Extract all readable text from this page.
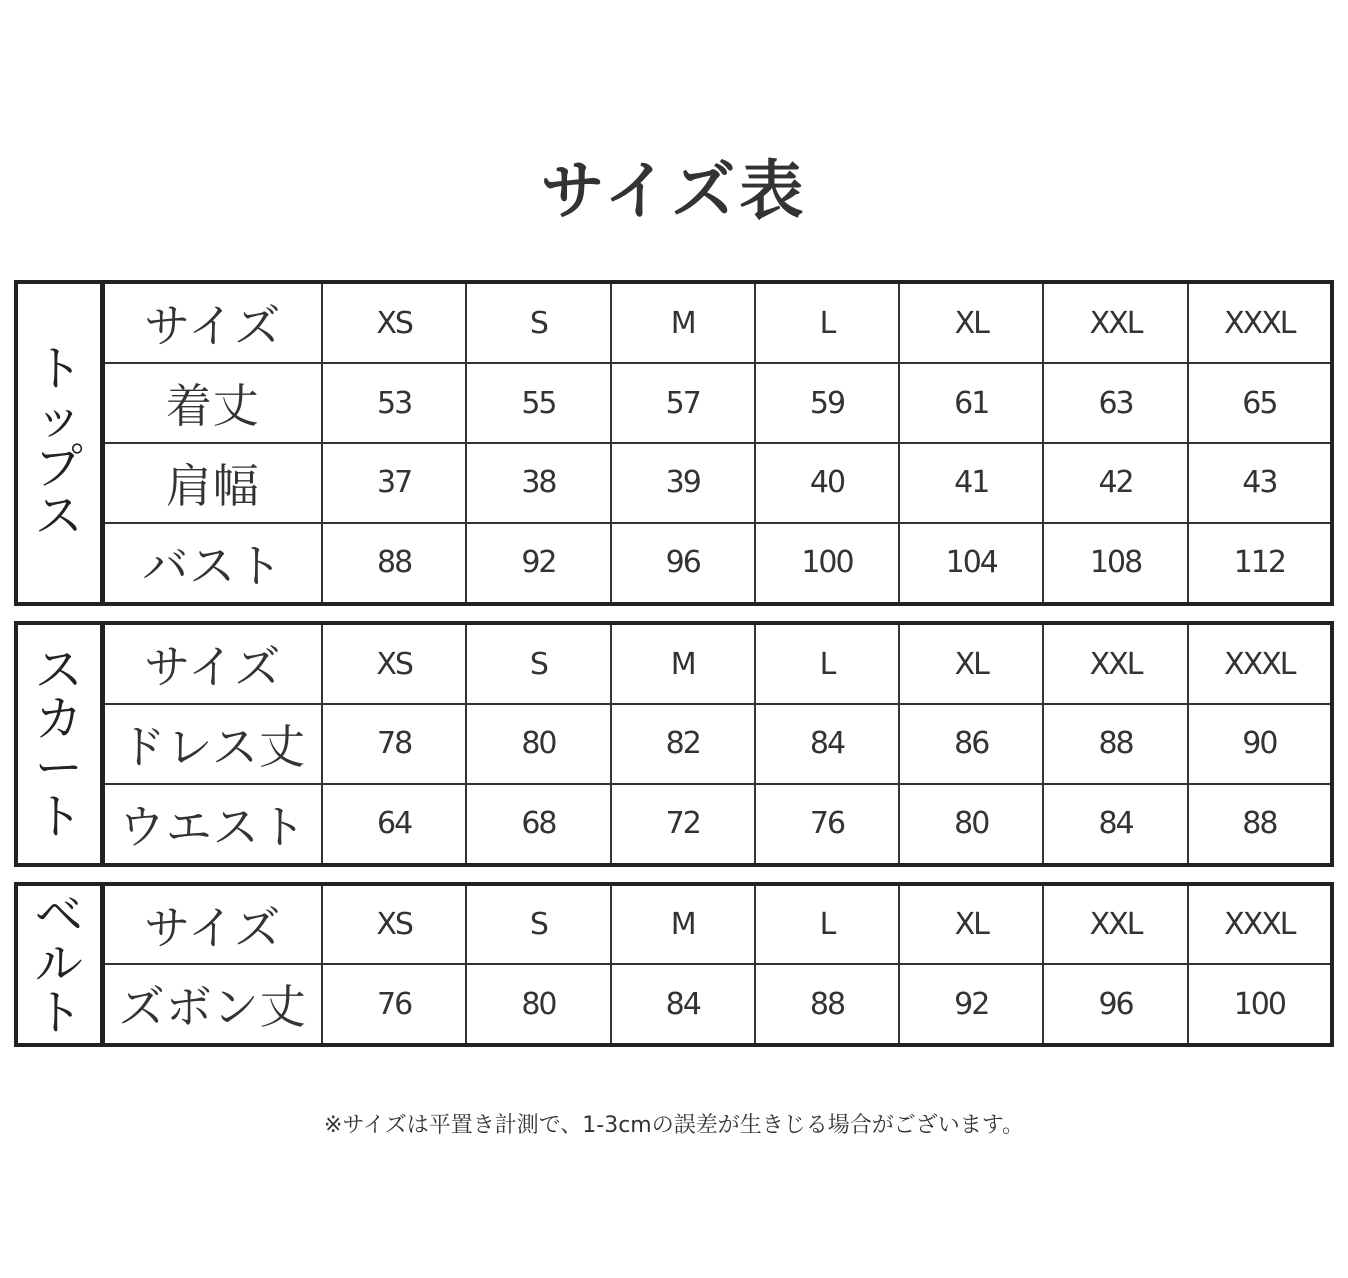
サイズ表
トップス	サイズ	XS	S	M	L	XL	XXL	XXXL
	着丈	53	55	57	59	61	63	65
	肩幅	37	38	39	40	41	42	43
	バスト	88	92	96	100	104	108	112
スカート	サイズ	XS	S	M	L	XL	XXL	XXXL
	ドレス丈	78	80	82	84	86	88	90
	ウエスト	64	68	72	76	80	84	88
ベルト	サイズ	XS	S	M	L	XL	XXL	XXXL
	ズボン丈	76	80	84	88	92	96	100
※サイズは平置き計測で、1-3cmの誤差が生きじる場合がございます。
